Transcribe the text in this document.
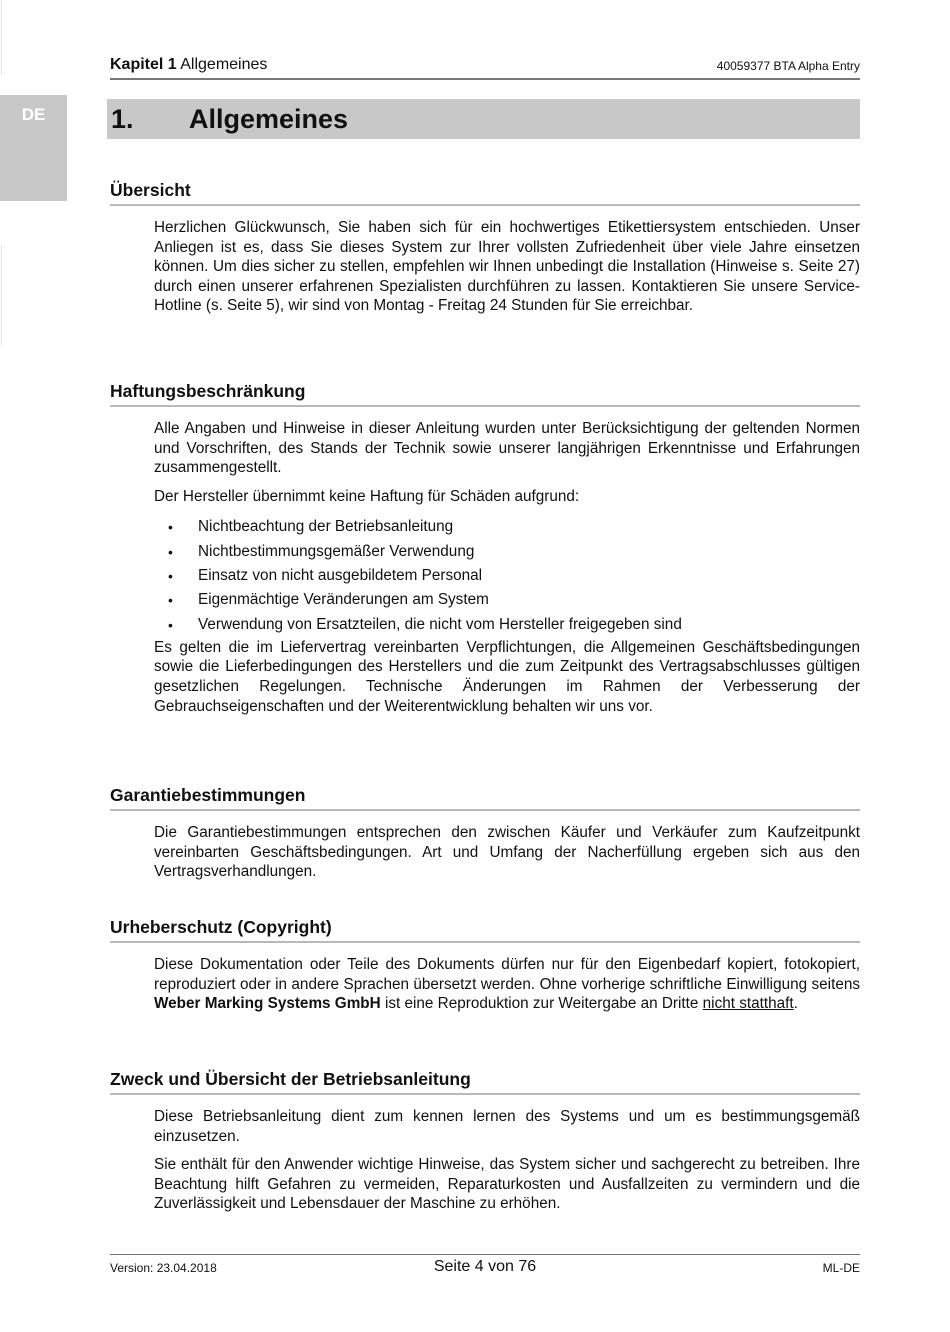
DE
Kapitel 1 Allgemeines	40059377 BTA Alpha Entry
1. Allgemeines
Übersicht

Herzlichen Glückwunsch, Sie haben sich für ein hochwertiges Etikettiersystem entschieden. Unser Anliegen ist es, dass Sie dieses System zur Ihrer vollsten Zufriedenheit über viele Jahre einsetzen können. Um dies sicher zu stellen, empfehlen wir Ihnen unbedingt die Installation (Hinweise s. Seite 27) durch einen unserer erfahrenen Spezialisten durchführen zu lassen. Kontaktieren Sie unsere Service-Hotline (s. Seite 5), wir sind von Montag - Freitag 24 Stunden für Sie erreichbar.

Haftungsbeschränkung

Alle Angaben und Hinweise in dieser Anleitung wurden unter Berücksichtigung der geltenden Normen und Vorschriften, des Stands der Technik sowie unserer langjährigen Erkenntnisse und Erfahrungen zusammengestellt.

Der Hersteller übernimmt keine Haftung für Schäden aufgrund:

• Nichtbeachtung der Betriebsanleitung
• Nichtbestimmungsgemäßer Verwendung
• Einsatz von nicht ausgebildetem Personal
• Eigenmächtige Veränderungen am System
• Verwendung von Ersatzteilen, die nicht vom Hersteller freigegeben sind

Es gelten die im Liefervertrag vereinbarten Verpflichtungen, die Allgemeinen Geschäftsbedingungen sowie die Lieferbedingungen des Herstellers und die zum Zeitpunkt des Vertragsabschlusses gültigen gesetzlichen Regelungen. Technische Änderungen im Rahmen der Verbesserung der Gebrauchseigenschaften und der Weiterentwicklung behalten wir uns vor.

Garantiebestimmungen

Die Garantiebestimmungen entsprechen den zwischen Käufer und Verkäufer zum Kaufzeitpunkt vereinbarten Geschäftsbedingungen. Art und Umfang der Nacherfüllung ergeben sich aus den Vertragsverhandlungen.

Urheberschutz (Copyright)

Diese Dokumentation oder Teile des Dokuments dürfen nur für den Eigenbedarf kopiert, fotokopiert, reproduziert oder in andere Sprachen übersetzt werden. Ohne vorherige schriftliche Einwilligung seitens Weber Marking Systems GmbH ist eine Reproduktion zur Weitergabe an Dritte nicht statthaft.

Zweck und Übersicht der Betriebsanleitung

Diese Betriebsanleitung dient zum kennen lernen des Systems und um es bestimmungsgemäß einzusetzen.

Sie enthält für den Anwender wichtige Hinweise, das System sicher und sachgerecht zu betreiben. Ihre Beachtung hilft Gefahren zu vermeiden, Reparaturkosten und Ausfallzeiten zu vermindern und die Zuverlässigkeit und Lebensdauer der Maschine zu erhöhen.

Version: 23.04.2018	Seite 4 von 76	ML-DE
